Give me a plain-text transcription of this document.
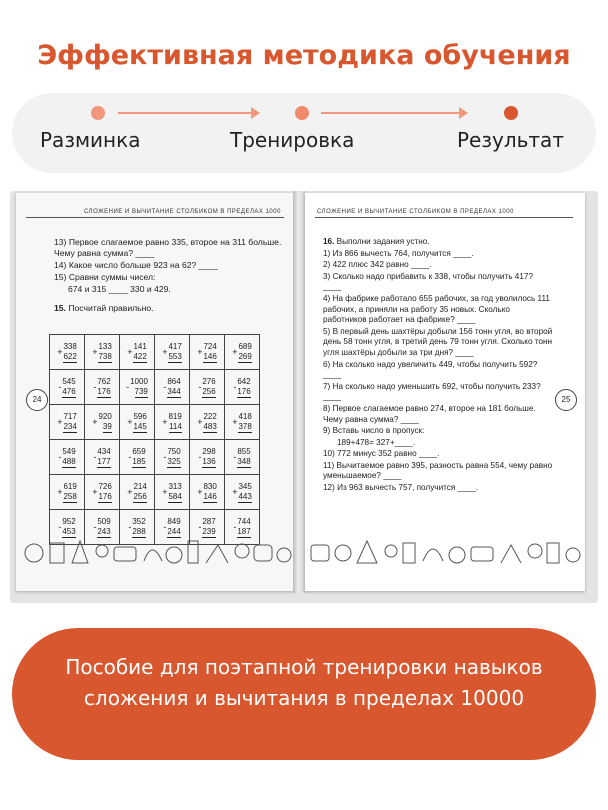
Эффективная методика обучения
Разминка	Тренировка	Результат
СЛОЖЕНИЕ И ВЫЧИТАНИЕ СТОЛБИКОМ В ПРЕДЕЛАХ 1000
13) Первое слагаемое равно 335, второе на 311 больше. Чему равна сумма? ____
14) Какое число больше 923 на 62? ____
15) Сравни суммы чисел:
674 и 315 ____ 330 и 429.
15. Посчитай правильно.
24
+
338
622	+
133
738	+
141
422	+
417
553	+
724
146	+
689
269

-
545
476	-
762
176	-
1000
739	-
864
344	-
276
256	-
642
176

+
717
234	+
920
39	+
596
145	+
819
114	+
222
483	+
418
378

-
549
488	-
434
177	-
659
185	-
750
325	-
298
136	-
855
348

+
619
258	+
726
176	+
214
256	+
313
584	+
830
146	+
345
443

-
952
453	-
509
243	-
352
288	-
849
244	-
287
239	-
744
187
СЛОЖЕНИЕ И ВЫЧИТАНИЕ СТОЛБИКОМ В ПРЕДЕЛАХ 1000
16. Выполни задания устно.
1) Из 866 вычесть 764, получится ____.
2) 422 плюс 342 равно ____.
3) Сколько надо прибавить к 338, чтобы получить 417? ____
4) На фабрике работало 655 рабочих, за год уволилось 111 рабочих, а приняли на работу 35 новых. Сколько работников работает на фабрике? ____
5) В первый день шахтёры добыли 156 тонн угля, во второй день 58 тонн угля, в третий день 79 тонн угля. Сколько тонн угля шахтёры добыли за три дня? ____
6) На сколько надо увеличить 449, чтобы получить 592? ____
7) На сколько надо уменьшить 692, чтобы получить 233? ____
8) Первое слагаемое равно 274, второе на 181 больше. Чему равна сумма? ____
9) Вставь число в пропуск:
189+478= 327+____.
10) 772 минус 352 равно ____.
11) Вычитаемое равно 395, разность равна 554, чему равно уменьшаемое? ____
12) Из 963 вычесть 757, получится ____.
25
Пособие для поэтапной тренировки навыков
сложения и вычитания в пределах 10000
